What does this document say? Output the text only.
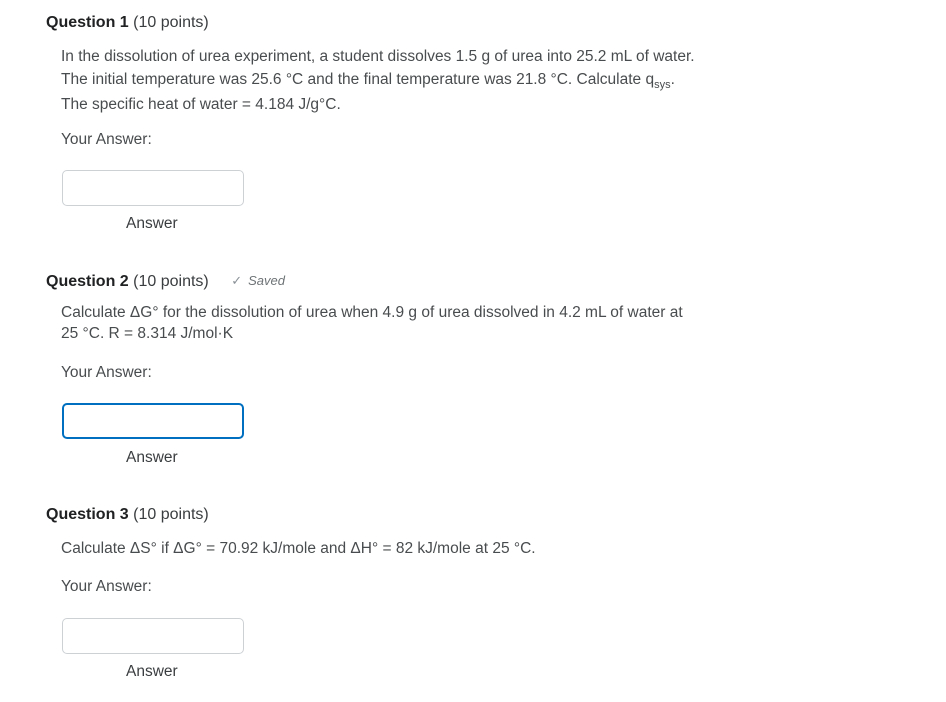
Question 1 (10 points)

In the dissolution of urea experiment, a student dissolves 1.5 g of urea into 25.2 mL of water.

The initial temperature was 25.6 °C and the final temperature was 21.8 °C. Calculate $q_{sys}$.

The specific heat of water = 4.184 J/g°C.

Your Answer:
Answer
Question 2 (10 points) ✓ Saved

Calculate ΔG° for the dissolution of urea when 4.9 g of urea dissolved in 4.2 mL of water at

25 °C. R = 8.314 J/mol·K

Your Answer:
Answer
Question 3 (10 points)

Calculate ΔS° if ΔG° = 70.92 kJ/mole and ΔH° = 82 kJ/mole at 25 °C.

Your Answer:
Answer
